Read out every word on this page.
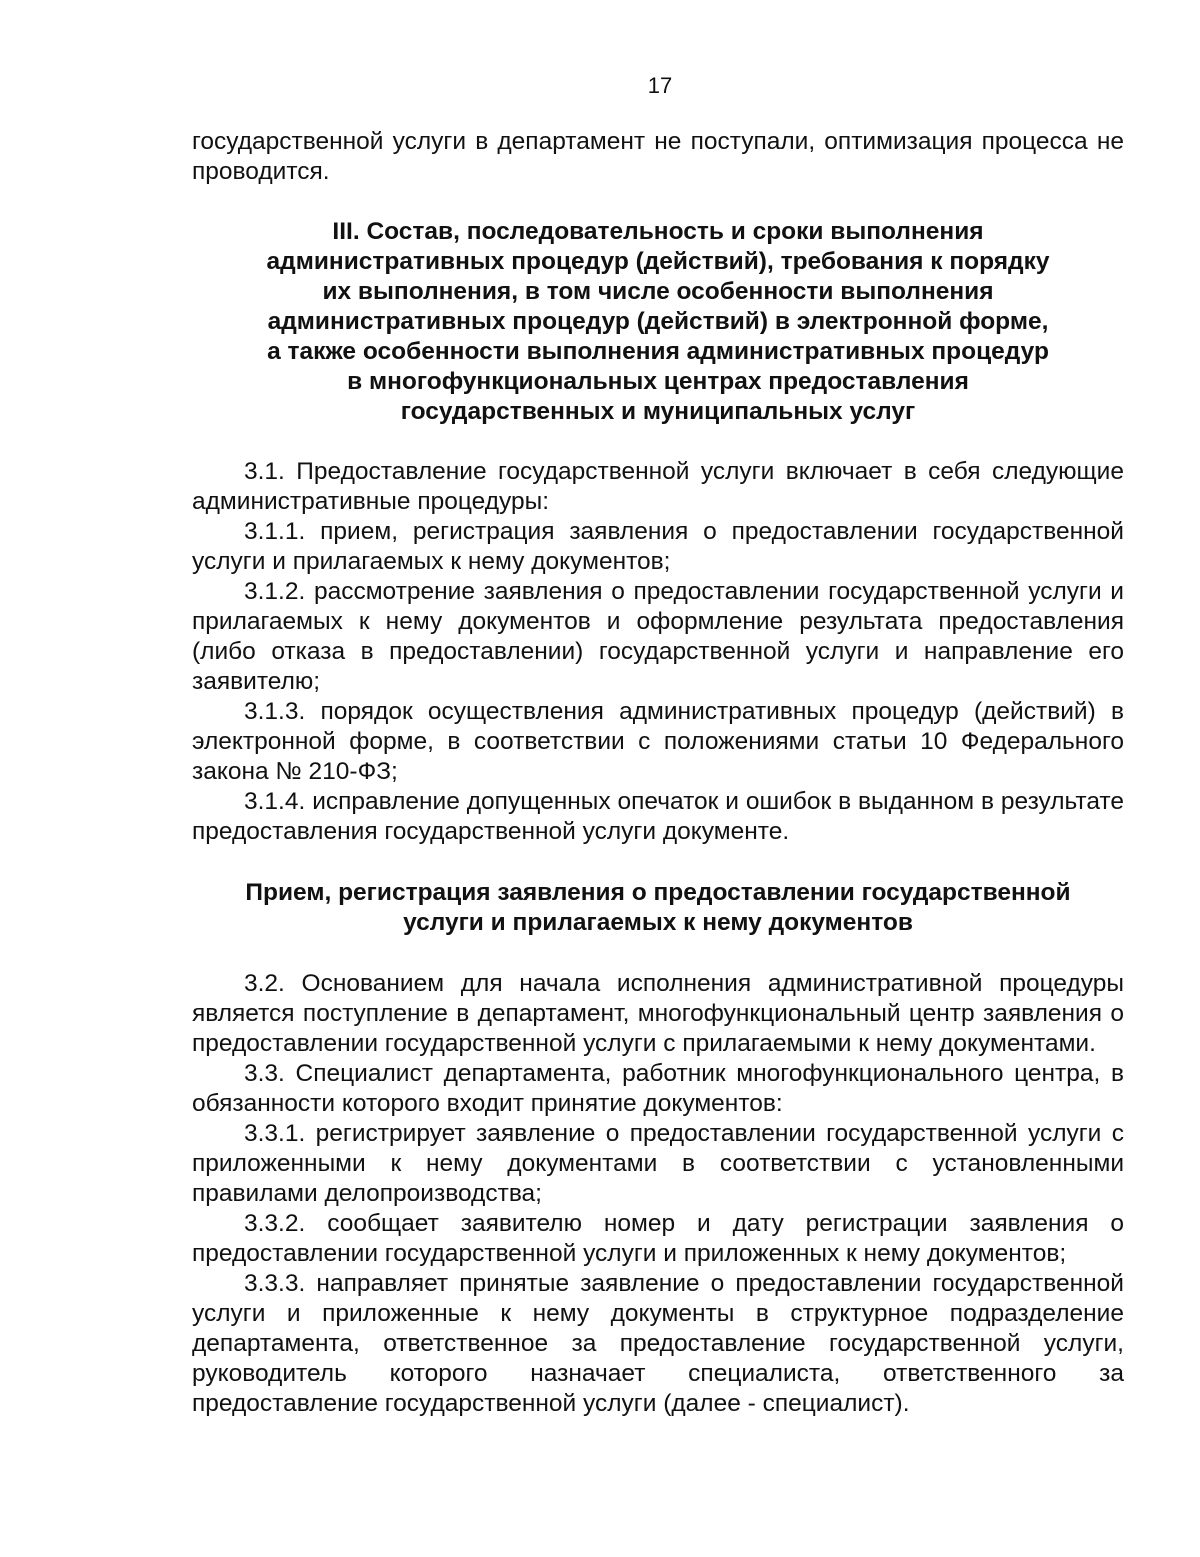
17

государственной услуги в департамент не поступали, оптимизация процесса не проводится.

III. Состав, последовательность и сроки выполнения

административных процедур (действий), требования к порядку

их выполнения, в том числе особенности выполнения

административных процедур (действий) в электронной форме,

а также особенности выполнения административных процедур

в многофункциональных центрах предоставления

государственных и муниципальных услуг

3.1. Предоставление государственной услуги включает в себя следующие административные процедуры:

3.1.1. прием, регистрация заявления о предоставлении государственной услуги и прилагаемых к нему документов;

3.1.2. рассмотрение заявления о предоставлении государственной услуги и прилагаемых к нему документов и оформление результата предоставления (либо отказа в предоставлении) государственной услуги и направление его заявителю;

3.1.3. порядок осуществления административных процедур (действий) в электронной форме, в соответствии с положениями статьи 10 Федерального закона № 210-ФЗ;

3.1.4. исправление допущенных опечаток и ошибок в выданном в результате предоставления государственной услуги документе.

Прием, регистрация заявления о предоставлении государственной

услуги и прилагаемых к нему документов

3.2. Основанием для начала исполнения административной процедуры является поступление в департамент, многофункциональный центр заявления о предоставлении государственной услуги с прилагаемыми к нему документами.

3.3. Специалист департамента, работник многофункционального центра, в обязанности которого входит принятие документов:

3.3.1. регистрирует заявление о предоставлении государственной услуги с приложенными к нему документами в соответствии с установленными правилами делопроизводства;

3.3.2. сообщает заявителю номер и дату регистрации заявления о предоставлении государственной услуги и приложенных к нему документов;

3.3.3. направляет принятые заявление о предоставлении государственной услуги и приложенные к нему документы в структурное подразделение департамента, ответственное за предоставление государственной услуги, руководитель которого назначает специалиста, ответственного за предоставление государственной услуги (далее - специалист).
